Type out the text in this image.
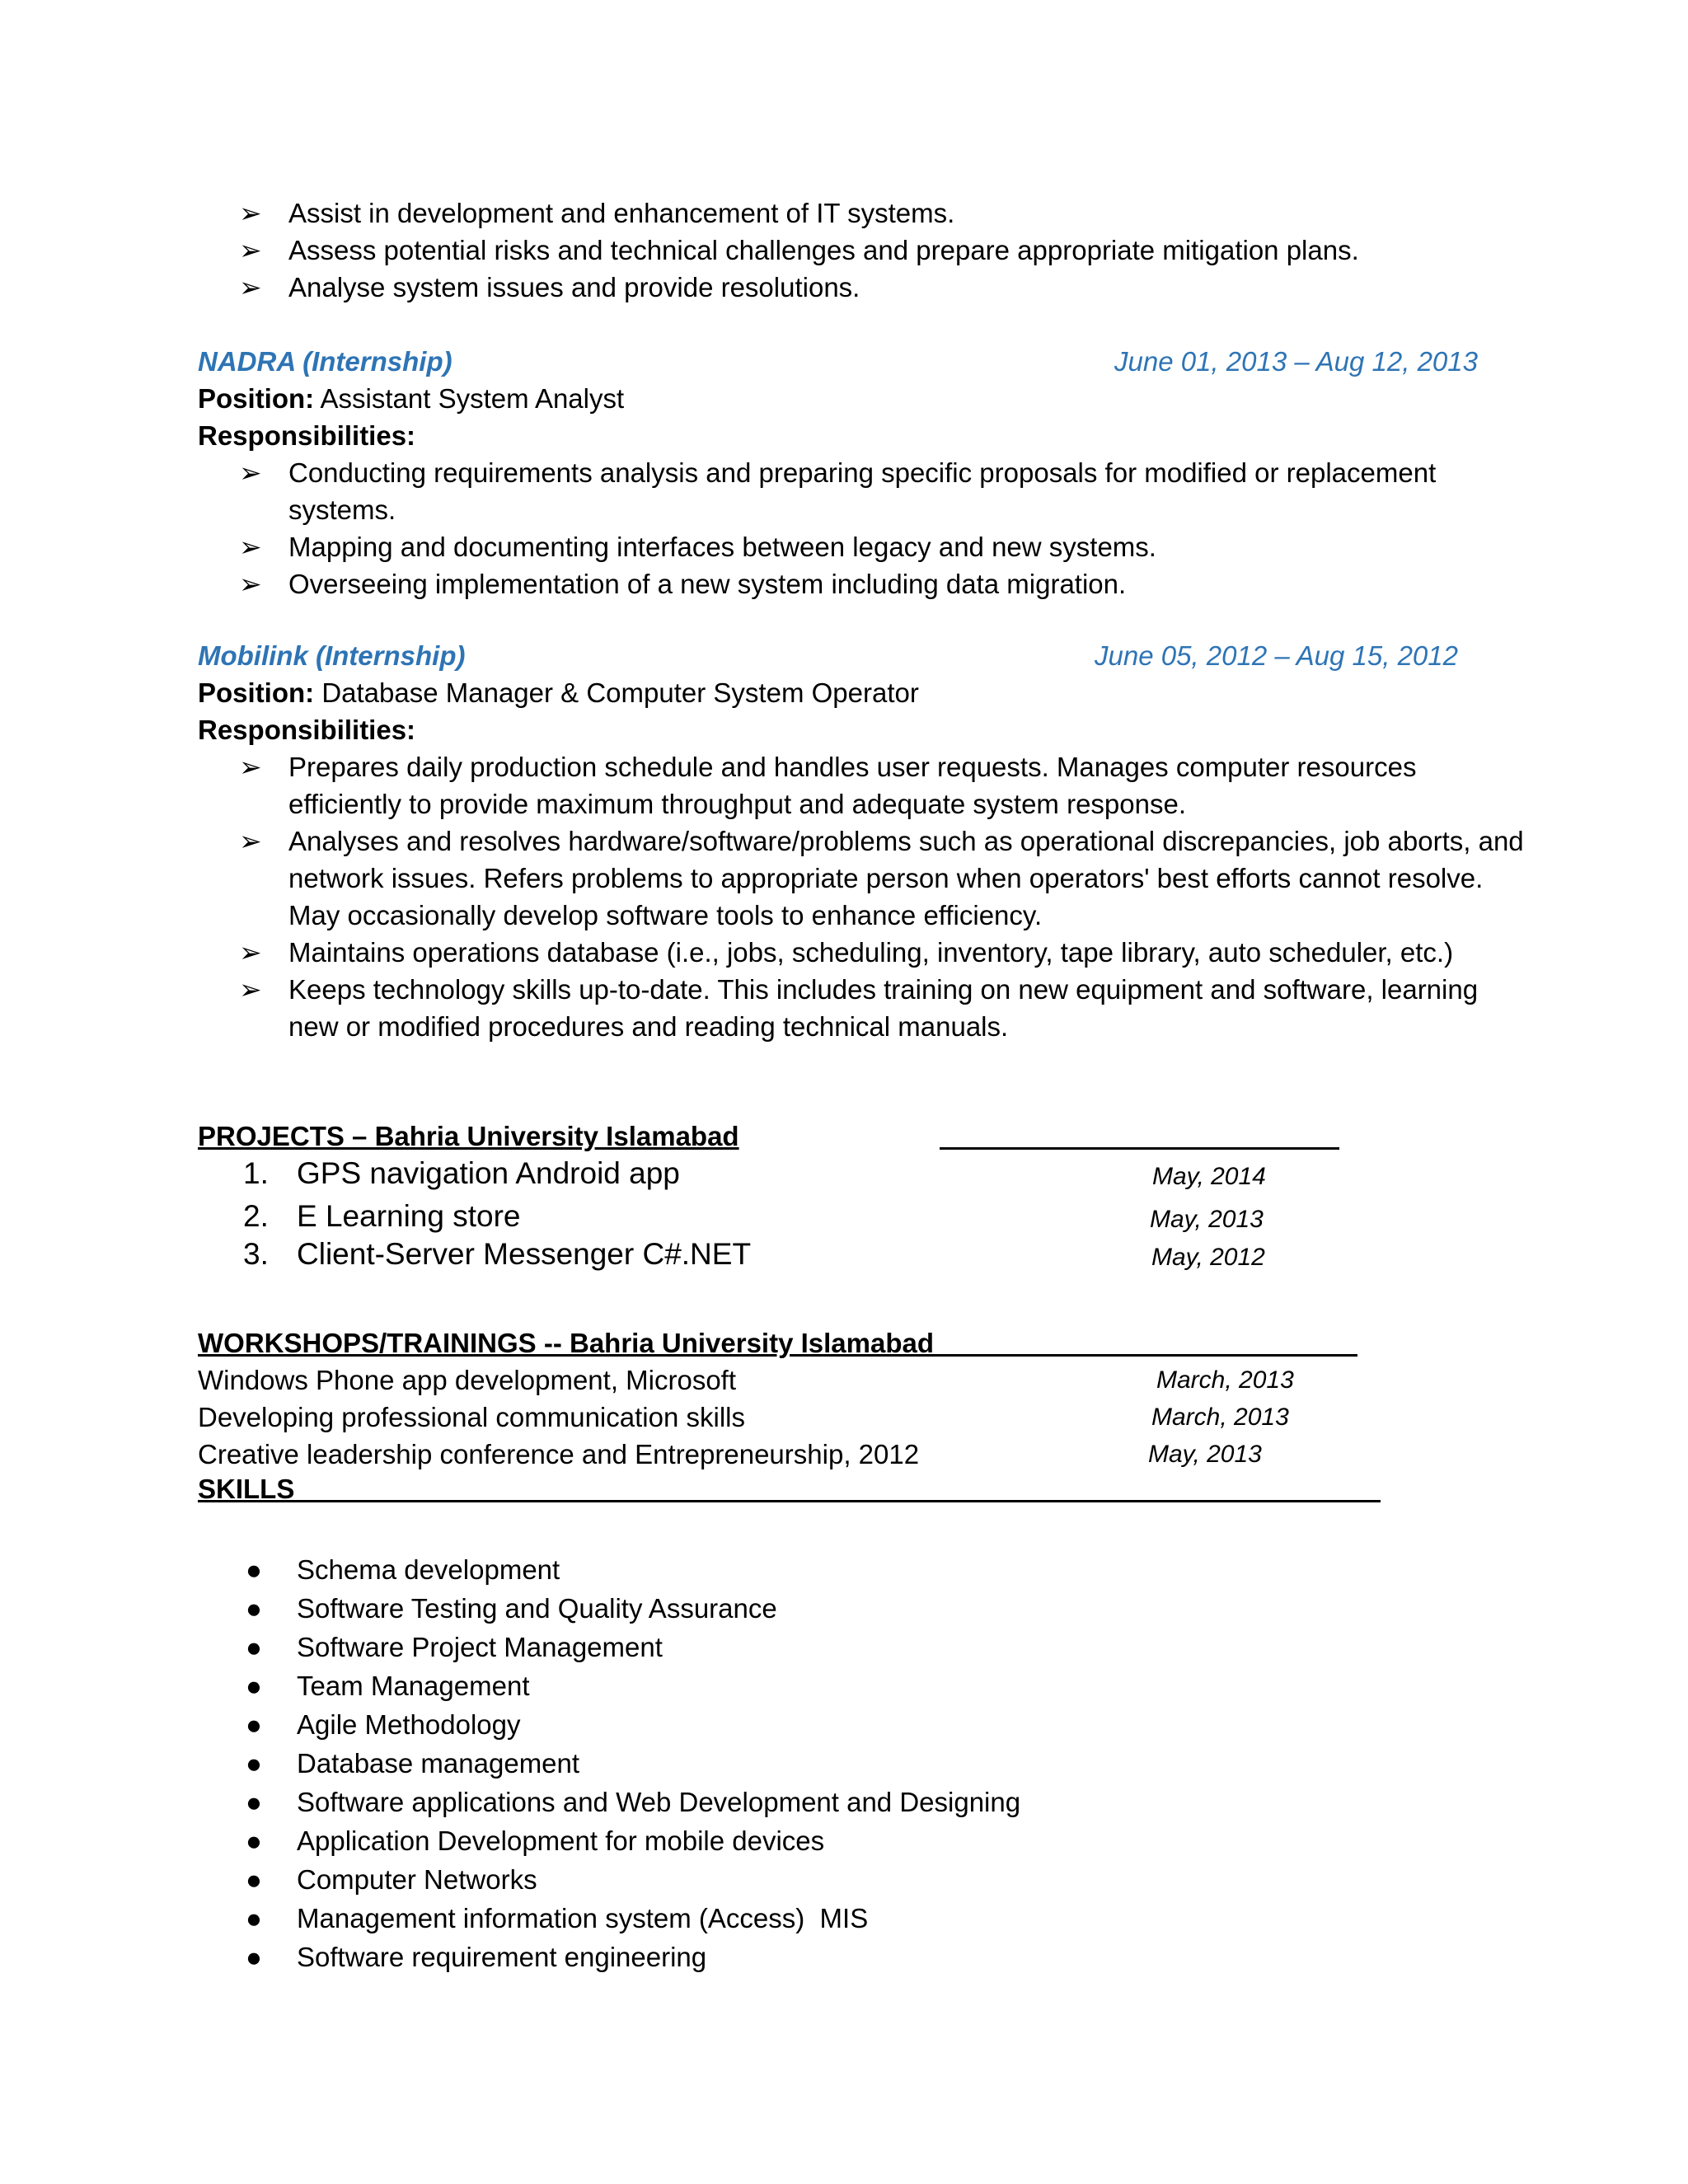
➢ Assist in development and enhancement of IT systems.
➢ Assess potential risks and technical challenges and prepare appropriate mitigation plans.
➢ Analyse system issues and provide resolutions.
NADRA (Internship)	June 01, 2013 – Aug 12, 2013
Position: Assistant System Analyst
Responsibilities:
➢ Conducting requirements analysis and preparing specific proposals for modified or replacement systems.
➢ Mapping and documenting interfaces between legacy and new systems.
➢ Overseeing implementation of a new system including data migration.
Mobilink (Internship)	June 05, 2012 – Aug 15, 2012
Position: Database Manager & Computer System Operator
Responsibilities:
➢ Prepares daily production schedule and handles user requests. Manages computer resources efficiently to provide maximum throughput and adequate system response.
➢ Analyses and resolves hardware/software/problems such as operational discrepancies, job aborts, and network issues. Refers problems to appropriate person when operators' best efforts cannot resolve. May occasionally develop software tools to enhance efficiency.
➢ Maintains operations database (i.e., jobs, scheduling, inventory, tape library, auto scheduler, etc.)
➢ Keeps technology skills up-to-date. This includes training on new equipment and software, learning new or modified procedures and reading technical manuals.
PROJECTS – Bahria University Islamabad
1. GPS navigation Android app	May, 2014
2. E Learning store	May, 2013
3. Client-Server Messenger C#.NET	May, 2012
WORKSHOPS/TRAININGS -- Bahria University Islamabad
Windows Phone app development, Microsoft	March, 2013
Developing professional communication skills	March, 2013
Creative leadership conference and Entrepreneurship, 2012	May, 2013
SKILLS
● Schema development
● Software Testing and Quality Assurance
● Software Project Management
● Team Management
● Agile Methodology
● Database management
● Software applications and Web Development and Designing
● Application Development for mobile devices
● Computer Networks
● Management information system (Access)  MIS
● Software requirement engineering
